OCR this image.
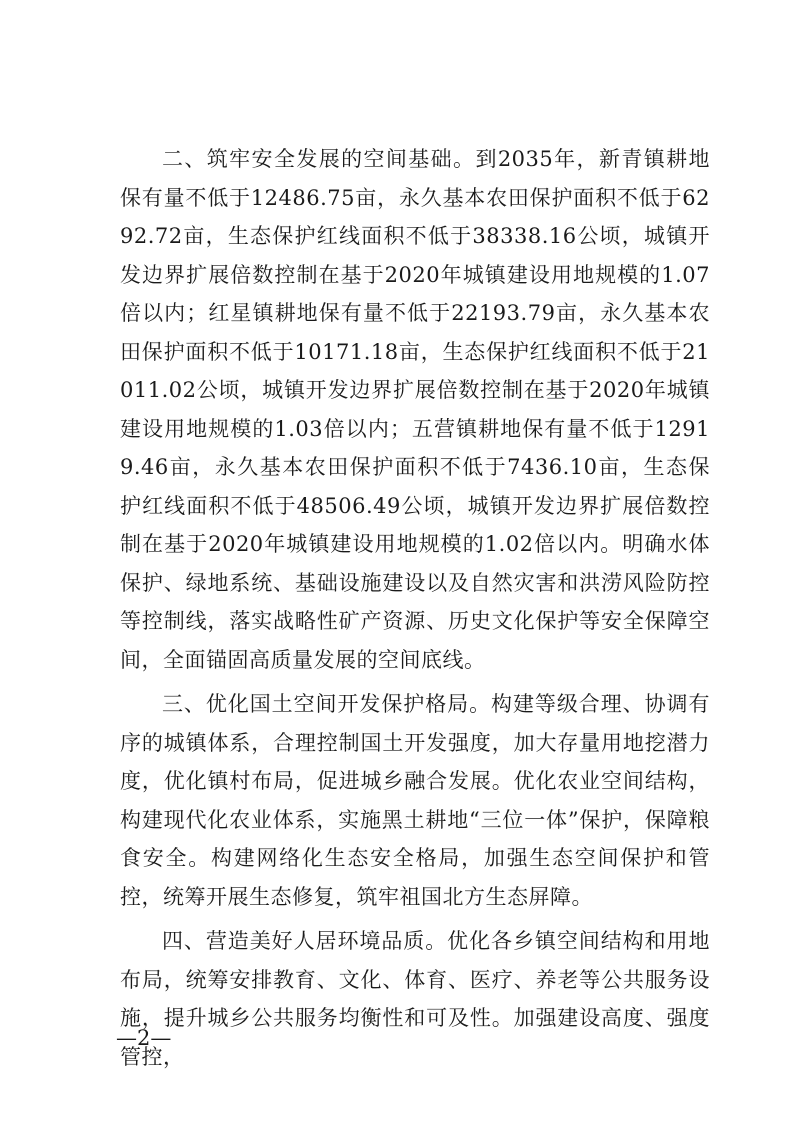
二、筑牢安全发展的空间基础。到2035年，新青镇耕地保有量不低于12486.75亩，永久基本农田保护面积不低于6292.72亩，生态保护红线面积不低于38338.16公顷，城镇开发边界扩展倍数控制在基于2020年城镇建设用地规模的1.07倍以内；红星镇耕地保有量不低于22193.79亩，永久基本农田保护面积不低于10171.18亩，生态保护红线面积不低于21011.02公顷，城镇开发边界扩展倍数控制在基于2020年城镇建设用地规模的1.03倍以内；五营镇耕地保有量不低于12919.46亩，永久基本农田保护面积不低于7436.10亩，生态保护红线面积不低于48506.49公顷，城镇开发边界扩展倍数控制在基于2020年城镇建设用地规模的1.02倍以内。明确水体保护、绿地系统、基础设施建设以及自然灾害和洪涝风险防控等控制线，落实战略性矿产资源、历史文化保护等安全保障空间，全面锚固高质量发展的空间底线。

三、优化国土空间开发保护格局。构建等级合理、协调有序的城镇体系，合理控制国土开发强度，加大存量用地挖潜力度，优化镇村布局，促进城乡融合发展。优化农业空间结构，构建现代化农业体系，实施黑土耕地“三位一体”保护，保障粮食安全。构建网络化生态安全格局，加强生态空间保护和管控，统筹开展生态修复，筑牢祖国北方生态屏障。

四、营造美好人居环境品质。优化各乡镇空间结构和用地布局，统筹安排教育、文化、体育、医疗、养老等公共服务设施，提升城乡公共服务均衡性和可及性。加强建设高度、强度管控，

—2—
